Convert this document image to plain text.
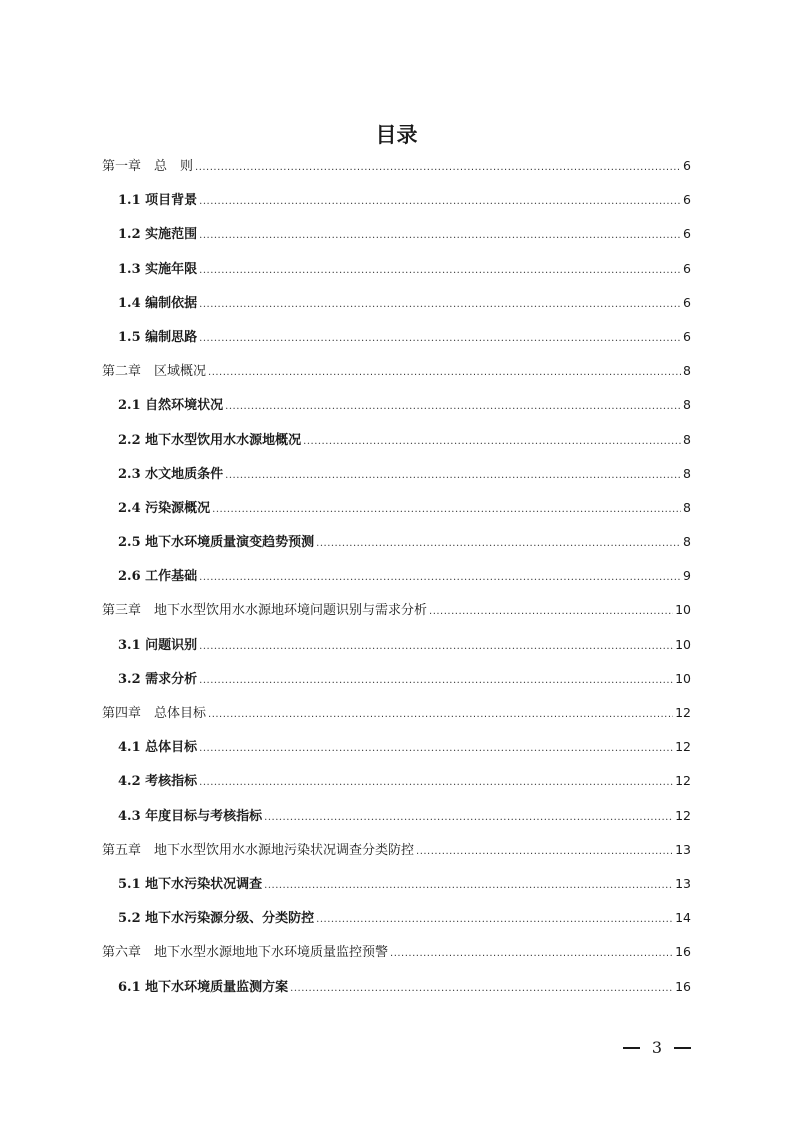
目录
第一章　总　则 .....	6
1.1 项目背景 .....	6
1.2 实施范围 .....	6
1.3 实施年限 .....	6
1.4 编制依据 .....	6
1.5 编制思路 .....	6
第二章　区域概况 .....	8
2.1 自然环境状况 .....	8
2.2 地下水型饮用水水源地概况 .....	8
2.3 水文地质条件 .....	8
2.4 污染源概况 .....	8
2.5 地下水环境质量演变趋势预测 .....	8
2.6 工作基础 .....	9
第三章　地下水型饮用水水源地环境问题识别与需求分析 .....	10
3.1 问题识别 .....	10
3.2 需求分析 .....	10
第四章　总体目标 .....	12
4.1 总体目标 .....	12
4.2 考核指标 .....	12
4.3 年度目标与考核指标 .....	12
第五章　地下水型饮用水水源地污染状况调查分类防控 .....	13
5.1 地下水污染状况调查 .....	13
5.2 地下水污染源分级、分类防控 .....	14
第六章　地下水型水源地地下水环境质量监控预警 .....	16
6.1 地下水环境质量监测方案 .....	16
3
